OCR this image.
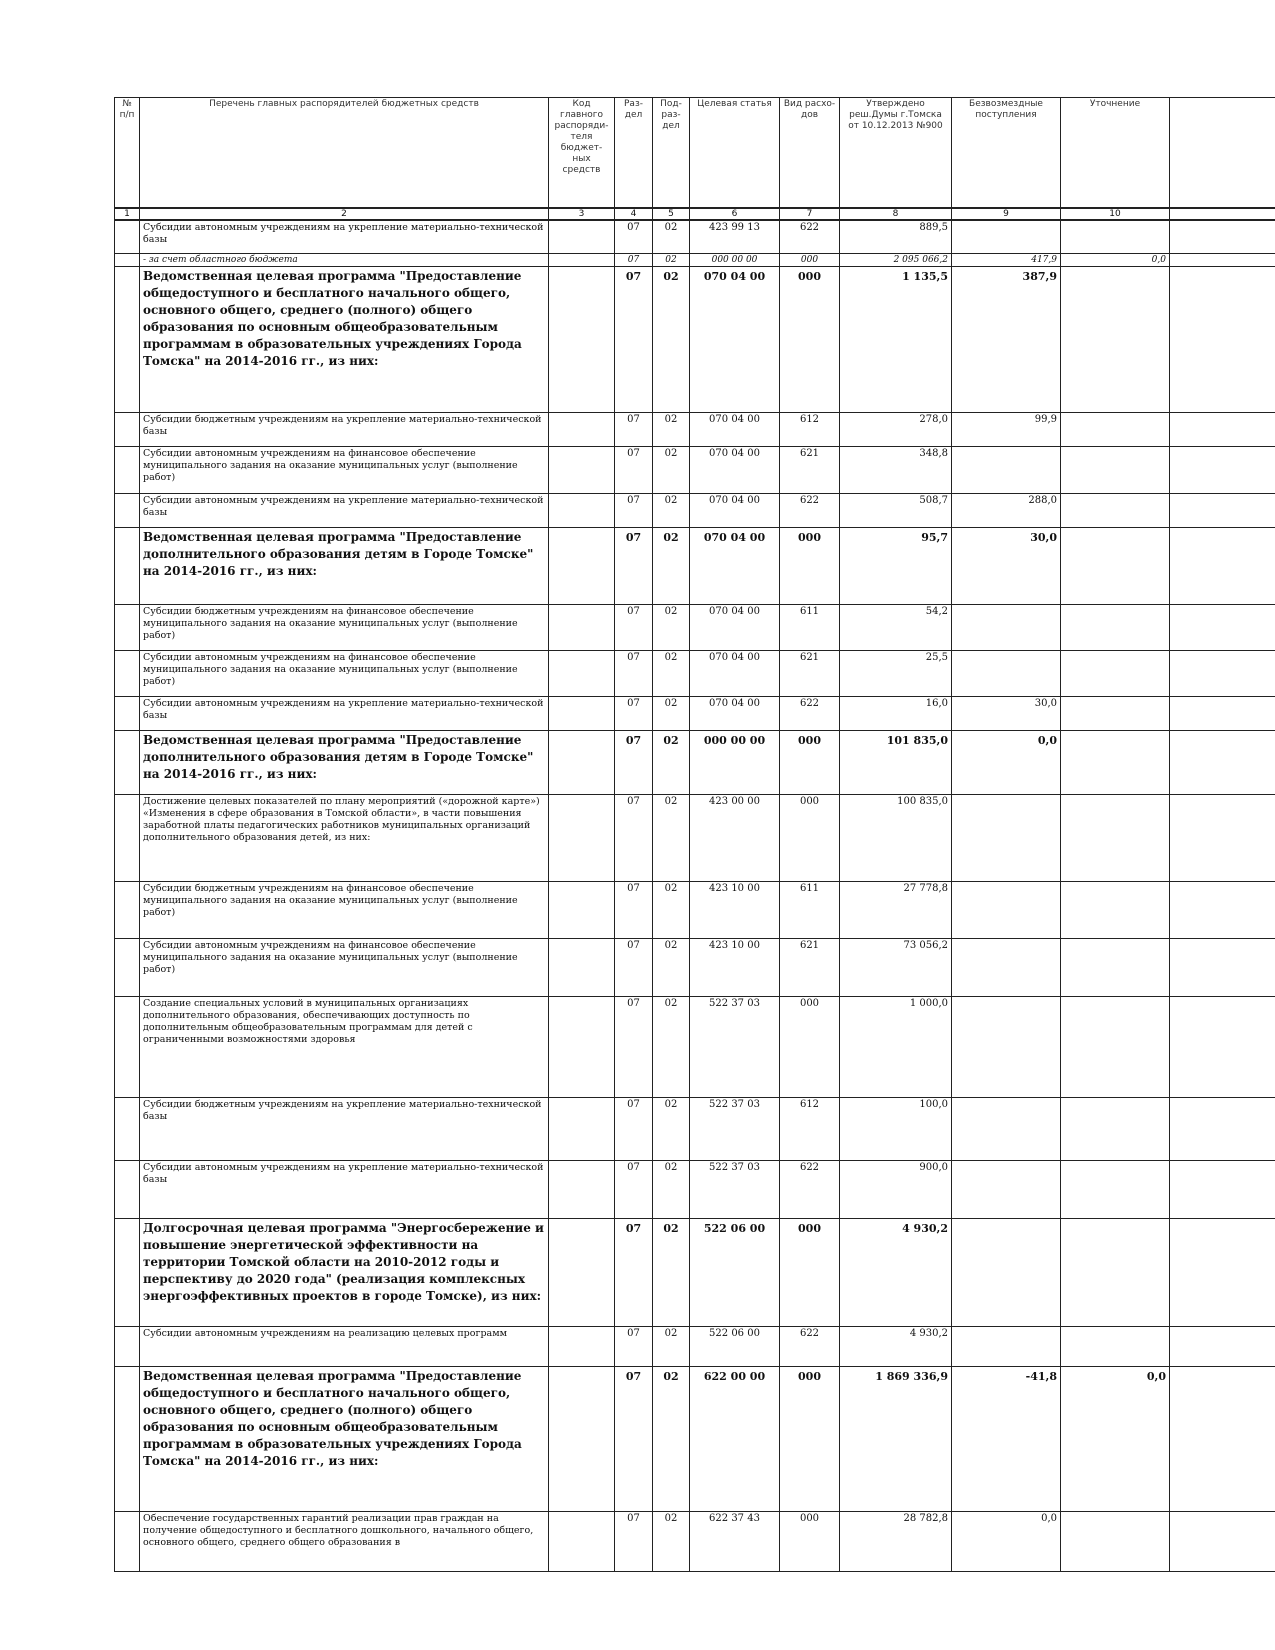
№ п/п	Перечень главных распорядителей бюджетных средств	Код главного распоряди-теля бюджет-ных средств	Раз-дел	Под-раз-дел	Целевая статья	Вид расхо-дов	Утверждено реш.Думы г.Томска от 10.12.2013 №900	Безвозмездные поступления	Уточнение	
1	2	3	4	5	6	7	8	9	10	
	Субсидии автономным учреждениям на укрепление материально-технической базы		07	02	423 99 13	622	889,5			
	- за счет областного бюджета		07	02	000 00 00	000	2 095 066,2	417,9	0,0	
	Ведомственная целевая программа "Предоставление общедоступного и бесплатного начального общего, основного общего, среднего (полного) общего образования по основным общеобразовательным программам в образовательных учреждениях Города Томска" на 2014-2016 гг., из них:		07	02	070 04 00	000	1 135,5	387,9		
	Субсидии бюджетным учреждениям на укрепление материально-технической базы		07	02	070 04 00	612	278,0	99,9		
	Субсидии автономным учреждениям на финансовое обеспечение муниципального задания на оказание муниципальных услуг (выполнение работ)		07	02	070 04 00	621	348,8			
	Субсидии автономным учреждениям на укрепление материально-технической базы		07	02	070 04 00	622	508,7	288,0		
	Ведомственная целевая программа "Предоставление дополнительного образования детям в Городе Томске" на 2014-2016 гг., из них:		07	02	070 04 00	000	95,7	30,0		
	Субсидии бюджетным учреждениям на финансовое обеспечение муниципального задания на оказание муниципальных услуг (выполнение работ)		07	02	070 04 00	611	54,2			
	Субсидии автономным учреждениям на финансовое обеспечение муниципального задания на оказание муниципальных услуг (выполнение работ)		07	02	070 04 00	621	25,5			
	Субсидии автономным учреждениям на укрепление материально-технической базы		07	02	070 04 00	622	16,0	30,0		
	Ведомственная целевая программа "Предоставление дополнительного образования детям в Городе Томске" на 2014-2016 гг., из них:		07	02	000 00 00	000	101 835,0	0,0		
	Достижение целевых показателей по плану мероприятий («дорожной карте») «Изменения в сфере образования в Томской области», в части повышения заработной платы педагогических работников муниципальных организаций дополнительного образования детей, из них:		07	02	423 00 00	000	100 835,0			
	Субсидии бюджетным учреждениям на финансовое обеспечение муниципального задания на оказание муниципальных услуг (выполнение работ)		07	02	423 10 00	611	27 778,8			
	Субсидии автономным учреждениям на финансовое обеспечение муниципального задания на оказание муниципальных услуг (выполнение работ)		07	02	423 10 00	621	73 056,2			
	Создание специальных условий в муниципальных организациях дополнительного образования, обеспечивающих доступность по дополнительным общеобразовательным программам для детей с ограниченными возможностями здоровья		07	02	522 37 03	000	1 000,0			
	Субсидии бюджетным учреждениям на укрепление материально-технической базы		07	02	522 37 03	612	100,0			
	Субсидии автономным учреждениям на укрепление материально-технической базы		07	02	522 37 03	622	900,0			
	Долгосрочная целевая программа "Энергосбережение и повышение энергетической эффективности на территории Томской области на 2010-2012 годы и перспективу до 2020 года" (реализация комплексных энергоэффективных проектов в городе Томске), из них:		07	02	522 06 00	000	4 930,2			
	Субсидии автономным учреждениям на реализацию целевых программ		07	02	522 06 00	622	4 930,2			
	Ведомственная целевая программа "Предоставление общедоступного и бесплатного начального общего, основного общего, среднего (полного) общего образования по основным общеобразовательным программам в образовательных учреждениях Города Томска" на 2014-2016 гг., из них:		07	02	622 00 00	000	1 869 336,9	-41,8	0,0	
	Обеспечение государственных гарантий реализации прав граждан на получение общедоступного и бесплатного дошкольного, начального общего, основного общего, среднего общего образования в		07	02	622 37 43	000	28 782,8	0,0		
